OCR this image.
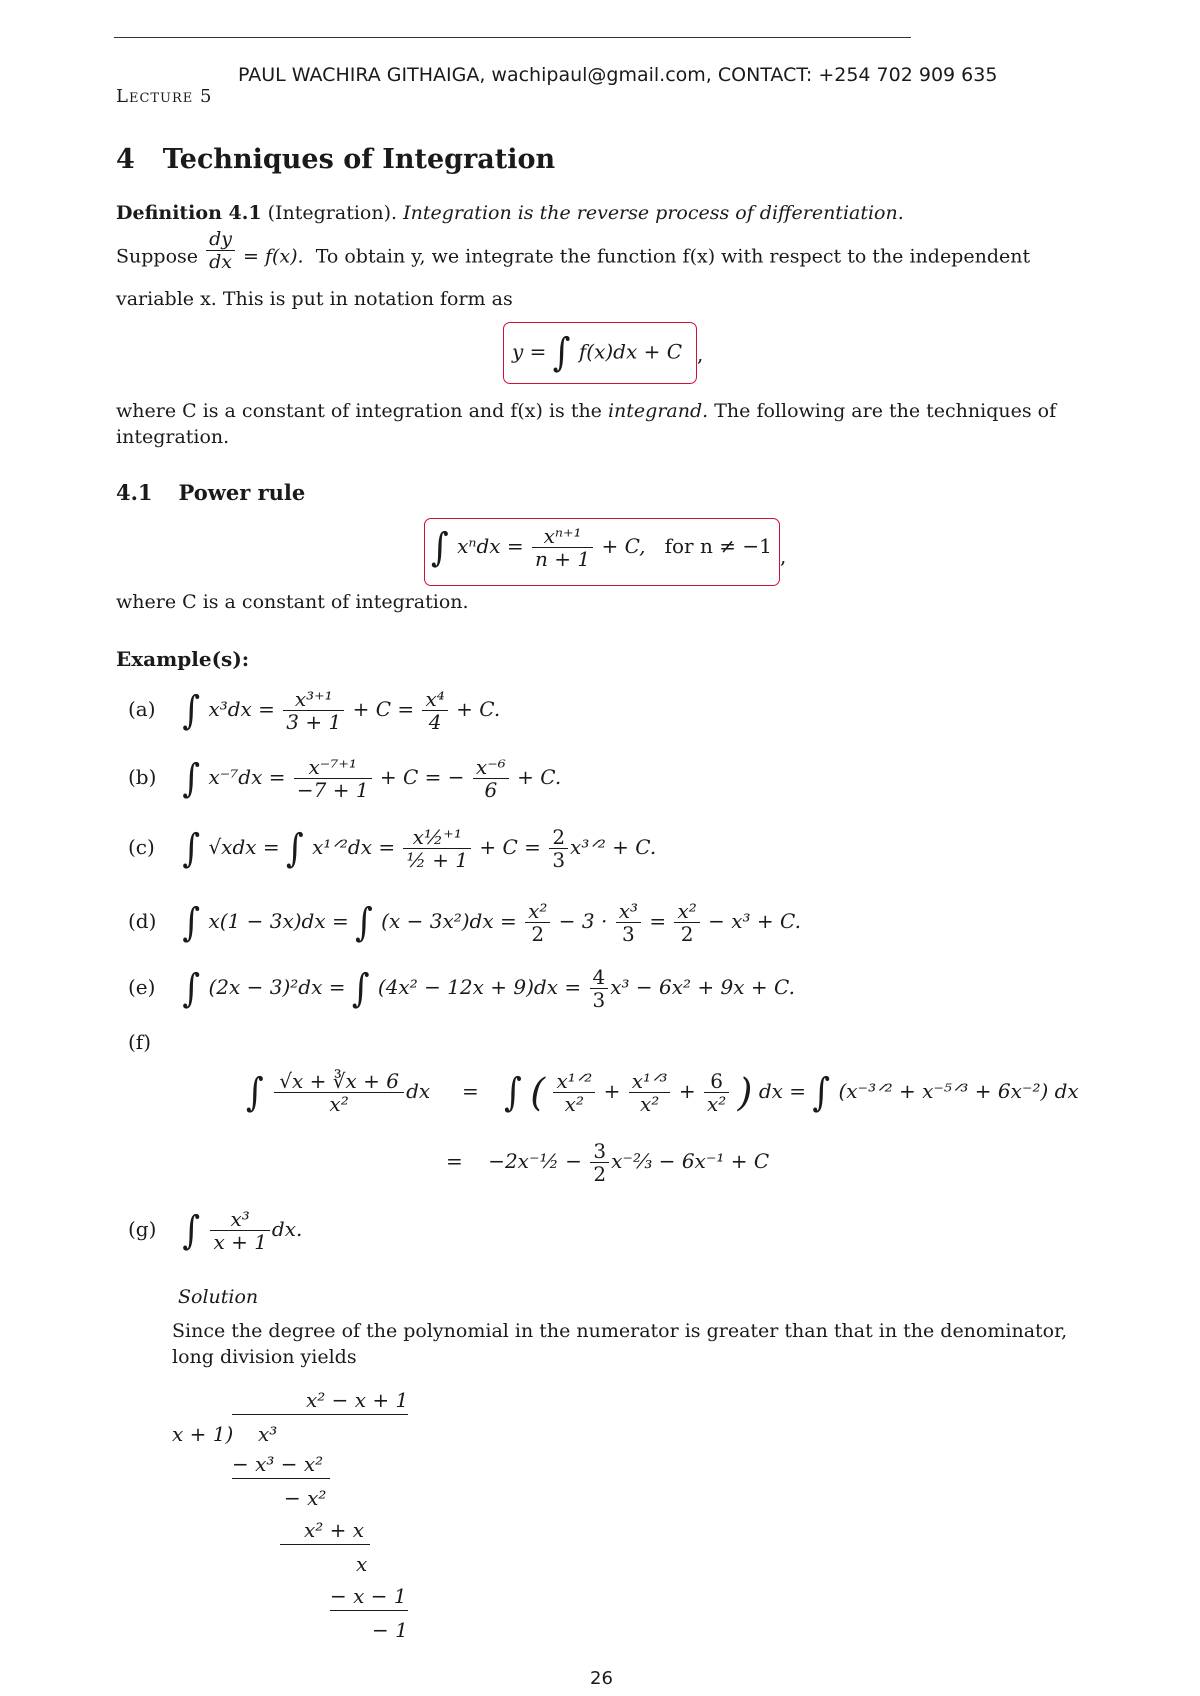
PAUL WACHIRA GITHAIGA, wachipaul@gmail.com, CONTACT: +254 702 909 635
Lecture 5
4 Techniques of Integration
Definition 4.1 (Integration). Integration is the reverse process of differentiation.
Suppose $\frac{dy}{dx} = f(x)$. To obtain y, we integrate the function f(x) with respect to the independent
variable x. This is put in notation form as
y = ∫ f(x)dx + C ,
where C is a constant of integration and f(x) is the integrand. The following are the techniques of
integration.
4.1 Power rule
∫ $x^ndx = \frac{\text{xⁿ⁺¹}}{n + 1} + C$, for n ≠ −1 ,
where C is a constant of integration.
Example(s):
(a) ∫ $x^3dx = \frac{\text{x³⁺¹}}{3 + 1} + C = \frac{\text{x⁴}}{4} + C$.
(b) ∫ $x^{-7}dx = \frac{\text{x⁻⁷⁺¹}}{-7 + 1} + C$ = − $\frac{\text{x⁻⁶}}{6} + C$.
(c) ∫ √xdx = ∫ x¹ᐟ²dx = $\frac{\text{x½⁺¹}}{\text{½ + 1}} + C = \frac{2}{3}$ x³ᐟ² + C.
(d) ∫ x(1 − 3x)dx = ∫ $(x - 3x^2)dx = \frac{\text{x²}}{2} - 3 \cdot \frac{\text{x³}}{3} = \frac{\text{x²}}{2} - x^3 + C$.
(e) ∫ (2x − 3)²dx = ∫ $(4x^2 - 12x + 9)dx = \frac{4}{3} x^3 - 6x^2 + 9x + C$.
(f)
∫ $\frac{√x + ∛x + 6}{\text{x²}}$ dx = ∫ ( $\frac{\text{x¹ᐟ²}}{\text{x²}} + \frac{\text{x¹ᐟ³}}{\text{x²}} + \frac{6}{\text{x²}}$ ) dx = ∫ (x⁻³ᐟ² + x⁻⁵ᐟ³ + 6x⁻²) dx
= −2x⁻½ − $\frac{3}{2}$ x⁻⅔ − 6x⁻¹ + C
(g) ∫ $\frac{\text{x³}}{x + 1}$ dx.
Solution
Since the degree of the polynomial in the numerator is greater than that in the denominator,
long division yields
x² − x + 1
x + 1) x³
− x³ − x²
− x²
x² + x
x
− x − 1
− 1
26
